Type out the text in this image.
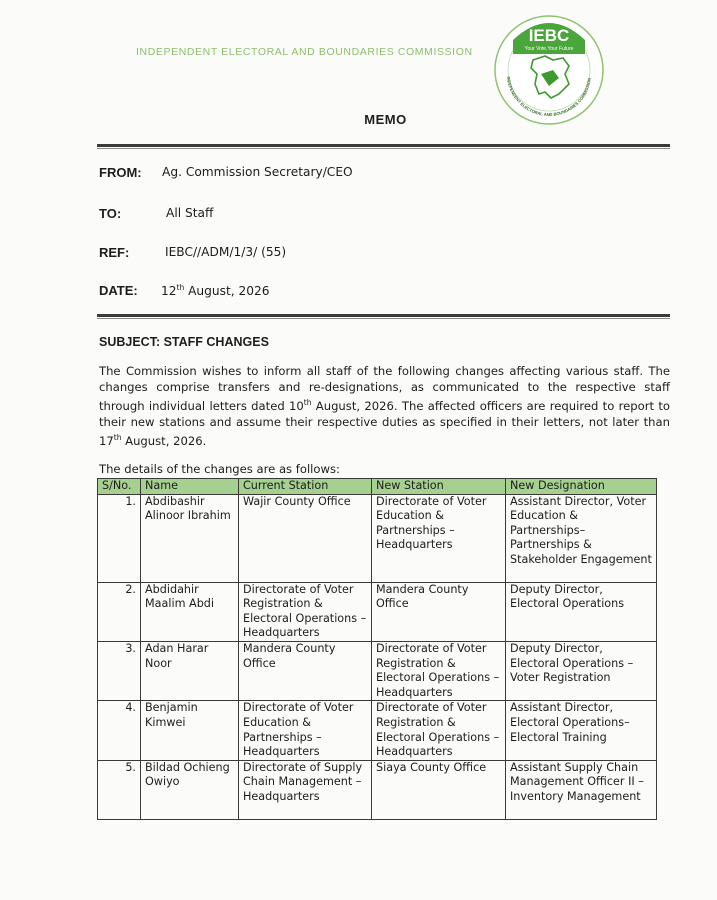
INDEPENDENT ELECTORAL AND BOUNDARIES COMMISSION
IEBC
Your Vote,Your Future
INDEPENDENT ELECTORAL AND BOUNDARIES COMMISSION
MEMO
FROM: Ag. Commission Secretary/CEO
TO:	All Staff
REF:	IEBC//ADM/1/3/ (55)
DATE: 12th August, 2026
SUBJECT: STAFF CHANGES
The Commission wishes to inform all staff of the following changes affecting various staff. The changes comprise transfers and re-designations, as communicated to the respective staff through individual letters dated 10th August, 2026. The affected officers are required to report to their new stations and assume their respective duties as specified in their letters, not later than 17th August, 2026.
The details of the changes are as follows:
S/No.	Name	Current Station	New Station	New Designation
1.	Abdibashir Alinoor Ibrahim	Wajir County Office	Directorate of Voter Education & Partnerships – Headquarters	Assistant Director, Voter Education & Partnerships– Partnerships & Stakeholder Engagement
2.	Abdidahir Maalim Abdi	Directorate of Voter Registration & Electoral Operations – Headquarters	Mandera County Office	Deputy Director, Electoral Operations
3.	Adan Harar Noor	Mandera County Office	Directorate of Voter Registration & Electoral Operations – Headquarters	Deputy Director, Electoral Operations – Voter Registration
4.	Benjamin Kimwei	Directorate of Voter Education & Partnerships – Headquarters	Directorate of Voter Registration & Electoral Operations – Headquarters	Assistant Director, Electoral Operations– Electoral Training
5.	Bildad Ochieng Owiyo	Directorate of Supply Chain Management – Headquarters	Siaya County Office	Assistant Supply Chain Management Officer II – Inventory Management
